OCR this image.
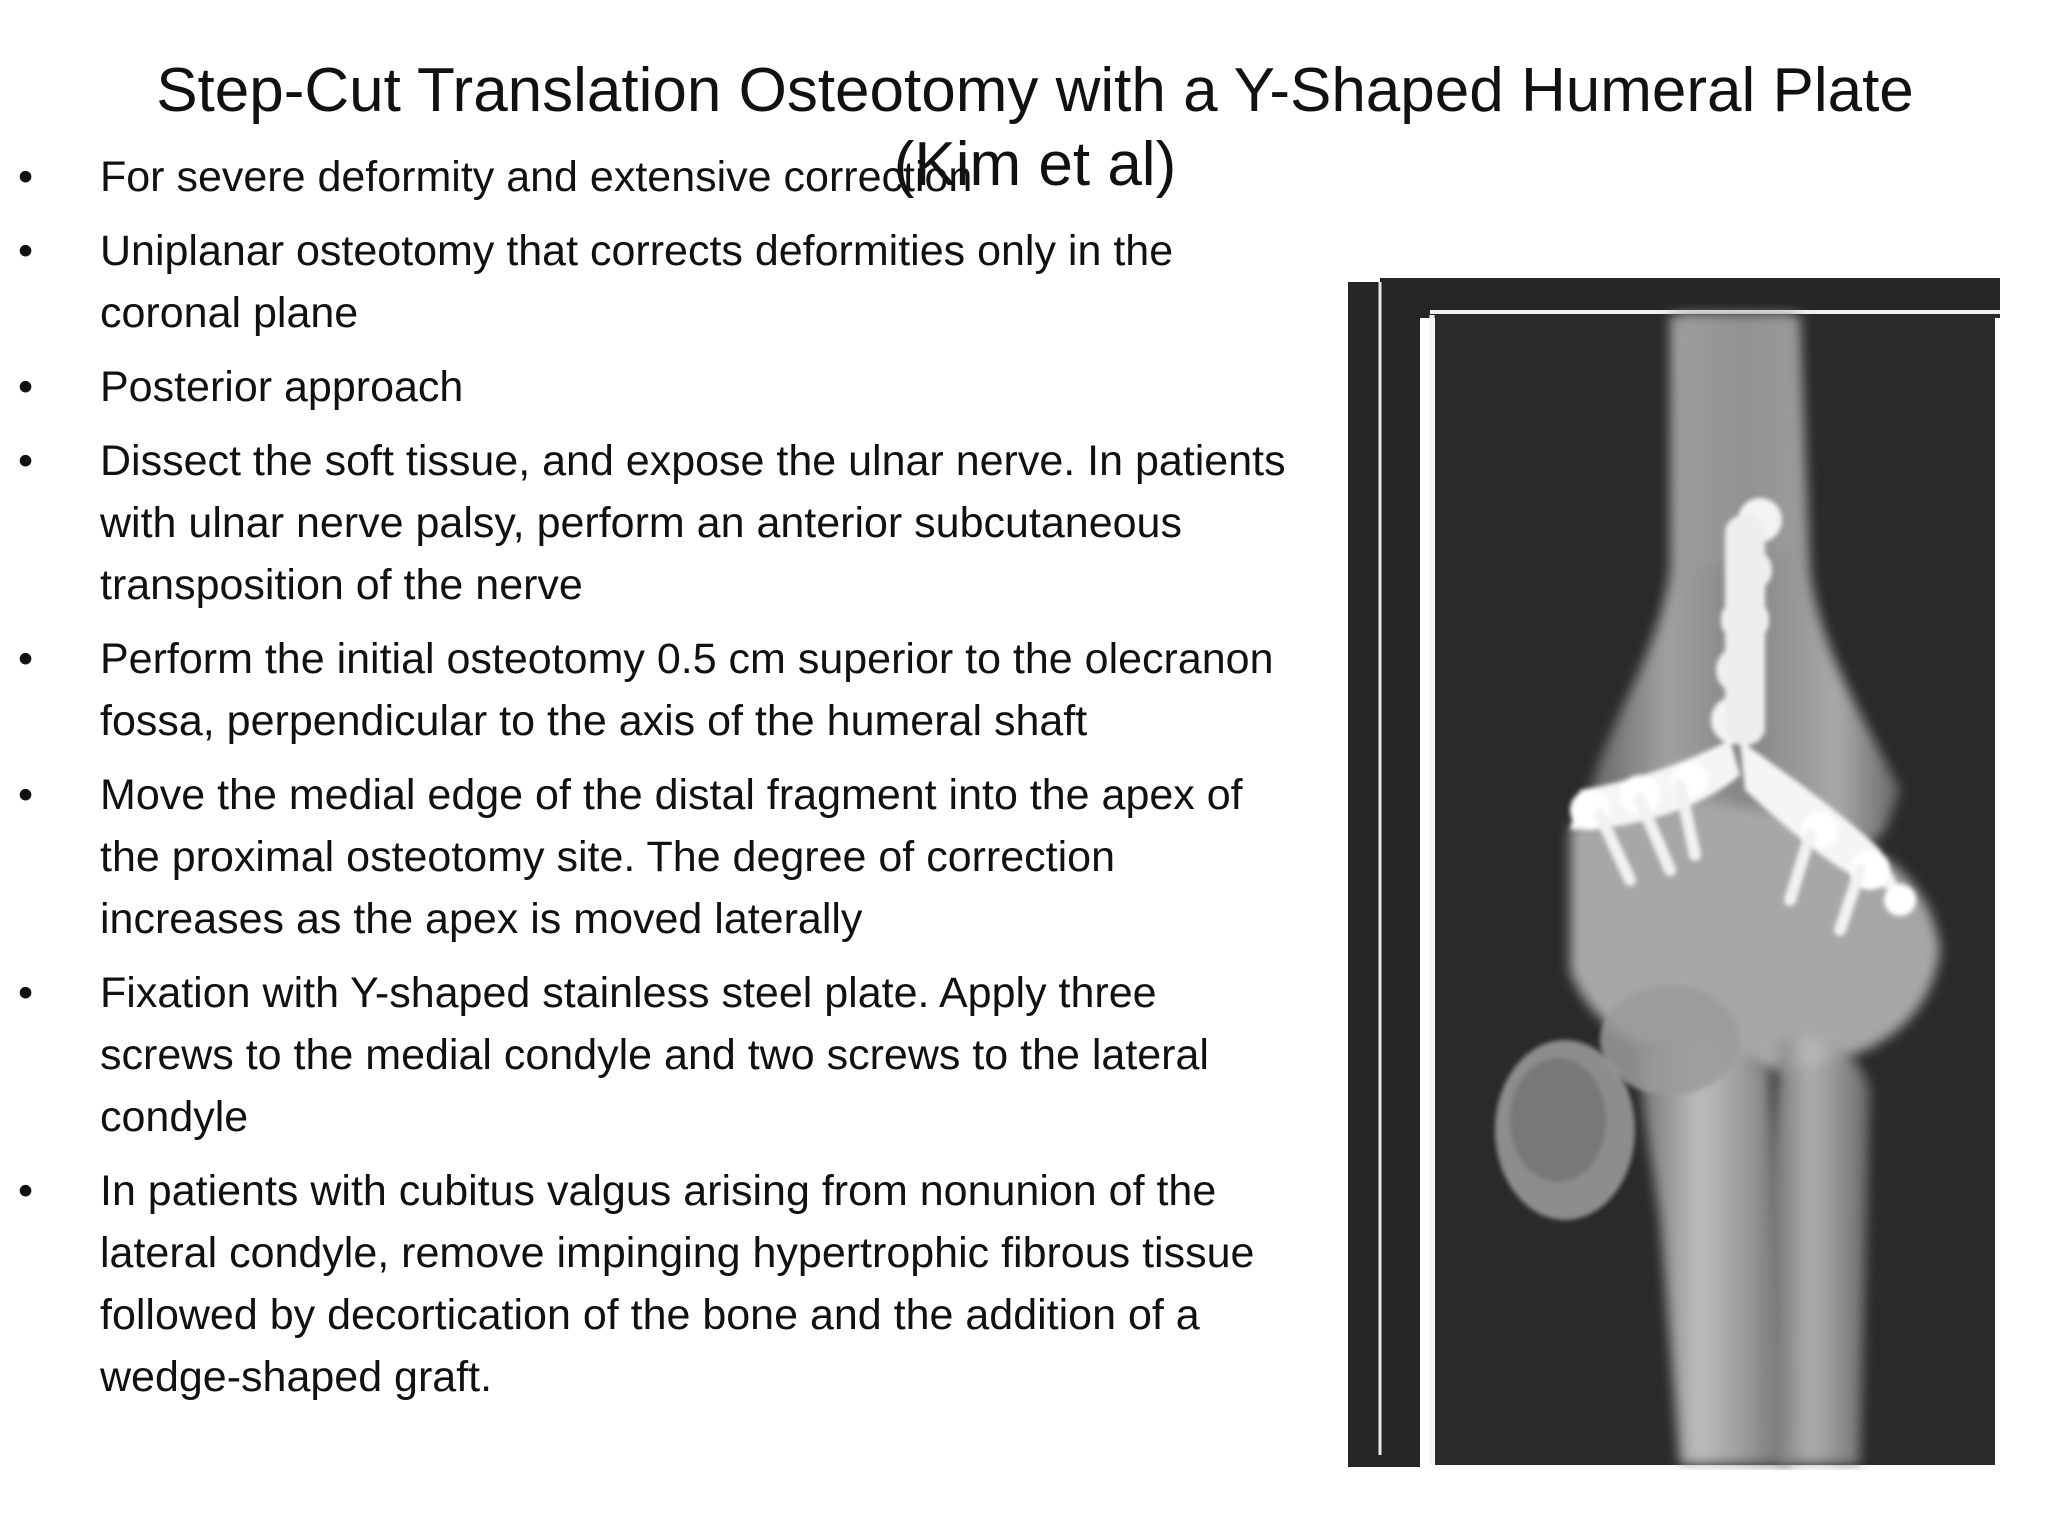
Step-Cut Translation Osteotomy with a Y-Shaped Humeral Plate
(Kim et al)
• For severe deformity and extensive correction
• Uniplanar osteotomy that corrects deformities only in the coronal plane
• Posterior approach
• Dissect the soft tissue, and expose the ulnar nerve. In patients with ulnar nerve palsy, perform an anterior subcutaneous transposition of the nerve
• Perform the initial osteotomy 0.5 cm superior to the olecranon fossa, perpendicular to the axis of the humeral shaft
• Move the medial edge of the distal fragment into the apex of the proximal osteotomy site. The degree of correction increases as the apex is moved laterally
• Fixation with Y-shaped stainless steel plate. Apply three screws to the medial condyle and two screws to the lateral condyle
• In patients with cubitus valgus arising from nonunion of the lateral condyle, remove impinging hypertrophic fibrous tissue followed by decortication of the bone and the addition of a wedge-shaped graft.
